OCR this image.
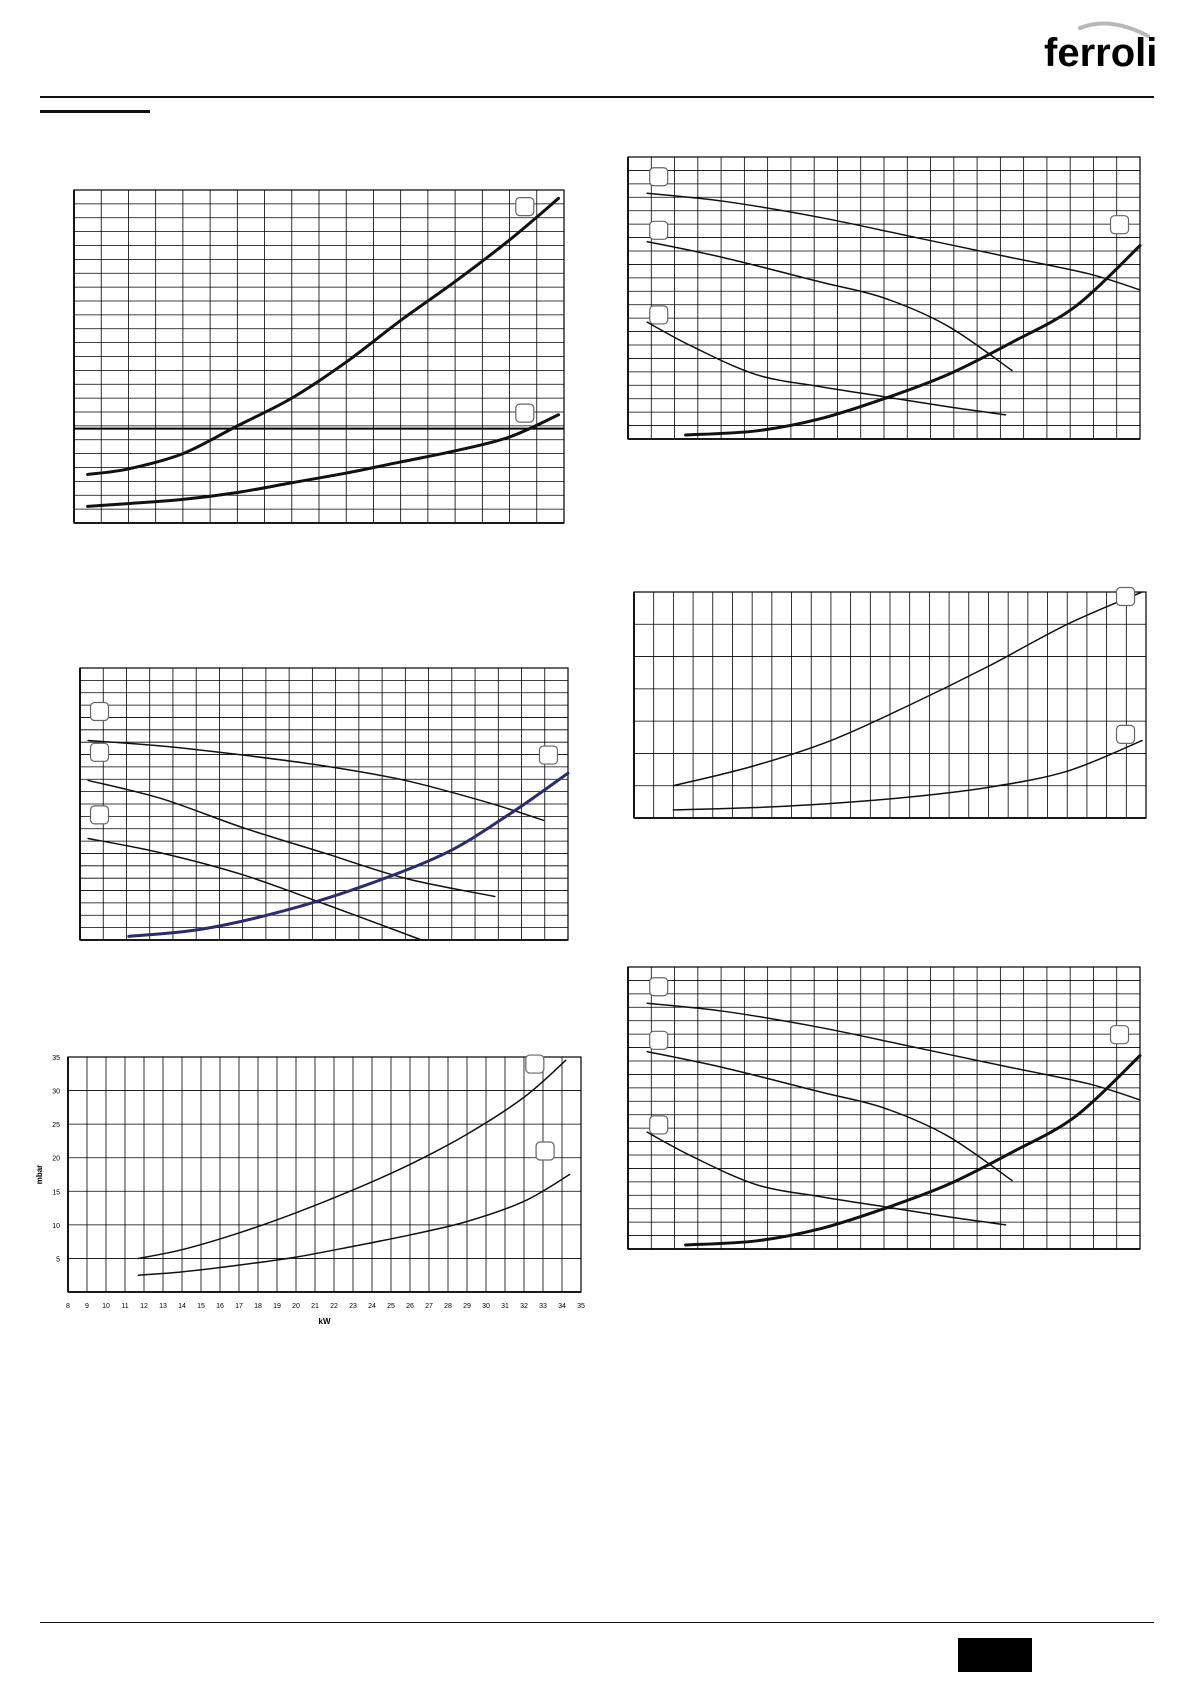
ferroli
8 9 10 11 12 13 14 15 16 17 18 19 20 21 22 23 24 25 26 27 28 29 30 31 32 33 34 35
5
10
15
20
25
30
35
kW
mbar
